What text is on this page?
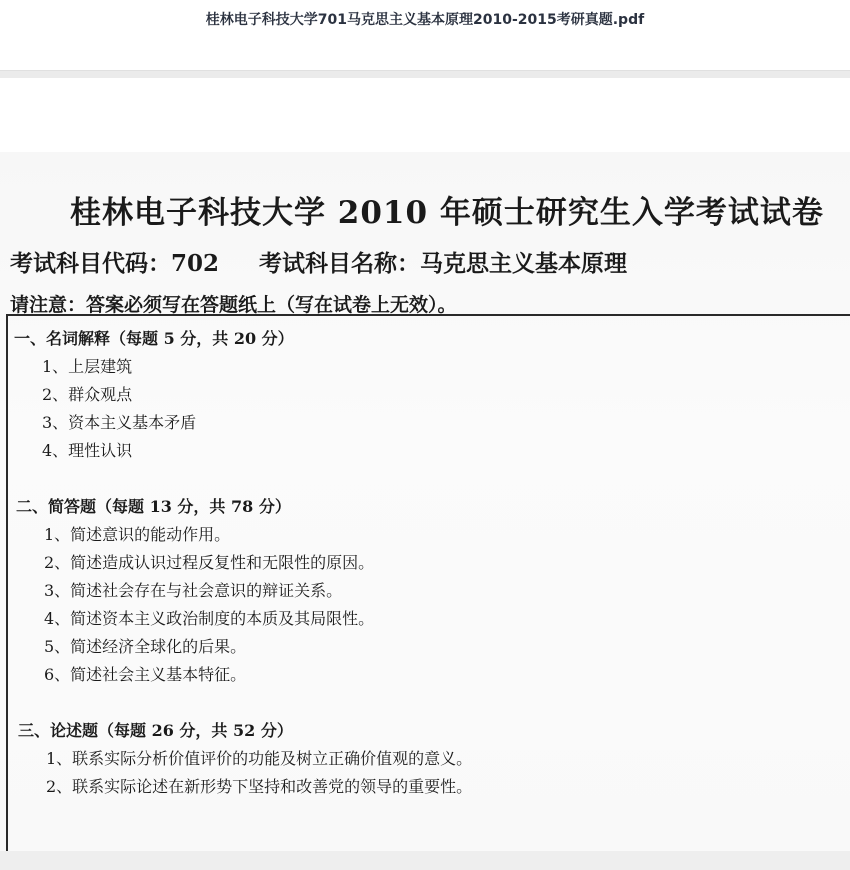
桂林电子科技大学701马克思主义基本原理2010-2015考研真题.pdf
桂林电子科技大学 2010 年硕士研究生入学考试试卷
考试科目代码：702 考试科目名称：马克思主义基本原理
请注意：答案必须写在答题纸上（写在试卷上无效）。
一、名词解释（每题 5 分，共 20 分）
1、上层建筑
2、群众观点
3、资本主义基本矛盾
4、理性认识
二、简答题（每题 13 分，共 78 分）
1、简述意识的能动作用。
2、简述造成认识过程反复性和无限性的原因。
3、简述社会存在与社会意识的辩证关系。
4、简述资本主义政治制度的本质及其局限性。
5、简述经济全球化的后果。
6、简述社会主义基本特征。
三、论述题（每题 26 分，共 52 分）
1、联系实际分析价值评价的功能及树立正确价值观的意义。
2、联系实际论述在新形势下坚持和改善党的领导的重要性。
